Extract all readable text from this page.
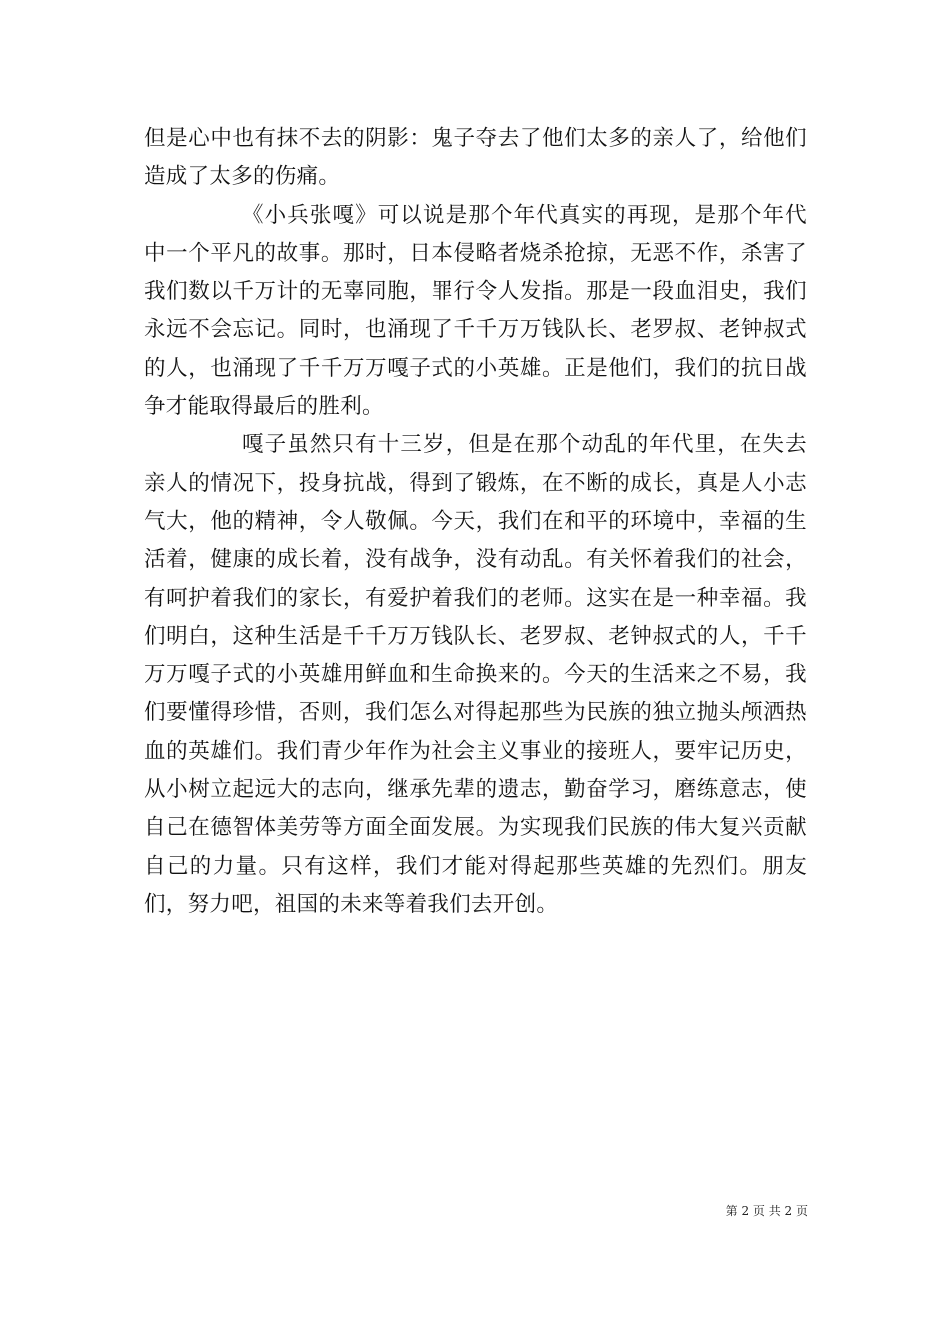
但是心中也有抹不去的阴影：鬼子夺去了他们太多的亲人了，给他们造成了太多的伤痛。

《小兵张嘎》可以说是那个年代真实的再现，是那个年代中一个平凡的故事。那时，日本侵略者烧杀抢掠，无恶不作，杀害了我们数以千万计的无辜同胞，罪行令人发指。那是一段血泪史，我们永远不会忘记。同时，也涌现了千千万万钱队长、老罗叔、老钟叔式的人，也涌现了千千万万嘎子式的小英雄。正是他们，我们的抗日战争才能取得最后的胜利。

嘎子虽然只有十三岁，但是在那个动乱的年代里，在失去亲人的情况下，投身抗战，得到了锻炼，在不断的成长，真是人小志气大，他的精神，令人敬佩。今天，我们在和平的环境中，幸福的生活着，健康的成长着，没有战争，没有动乱。有关怀着我们的社会，有呵护着我们的家长，有爱护着我们的老师。这实在是一种幸福。我们明白，这种生活是千千万万钱队长、老罗叔、老钟叔式的人，千千万万嘎子式的小英雄用鲜血和生命换来的。今天的生活来之不易，我们要懂得珍惜，否则，我们怎么对得起那些为民族的独立抛头颅洒热血的英雄们。我们青少年作为社会主义事业的接班人，要牢记历史，从小树立起远大的志向，继承先辈的遗志，勤奋学习，磨练意志，使自己在德智体美劳等方面全面发展。为实现我们民族的伟大复兴贡献自己的力量。只有这样，我们才能对得起那些英雄的先烈们。朋友们，努力吧，祖国的未来等着我们去开创。

第 2 页 共 2 页
